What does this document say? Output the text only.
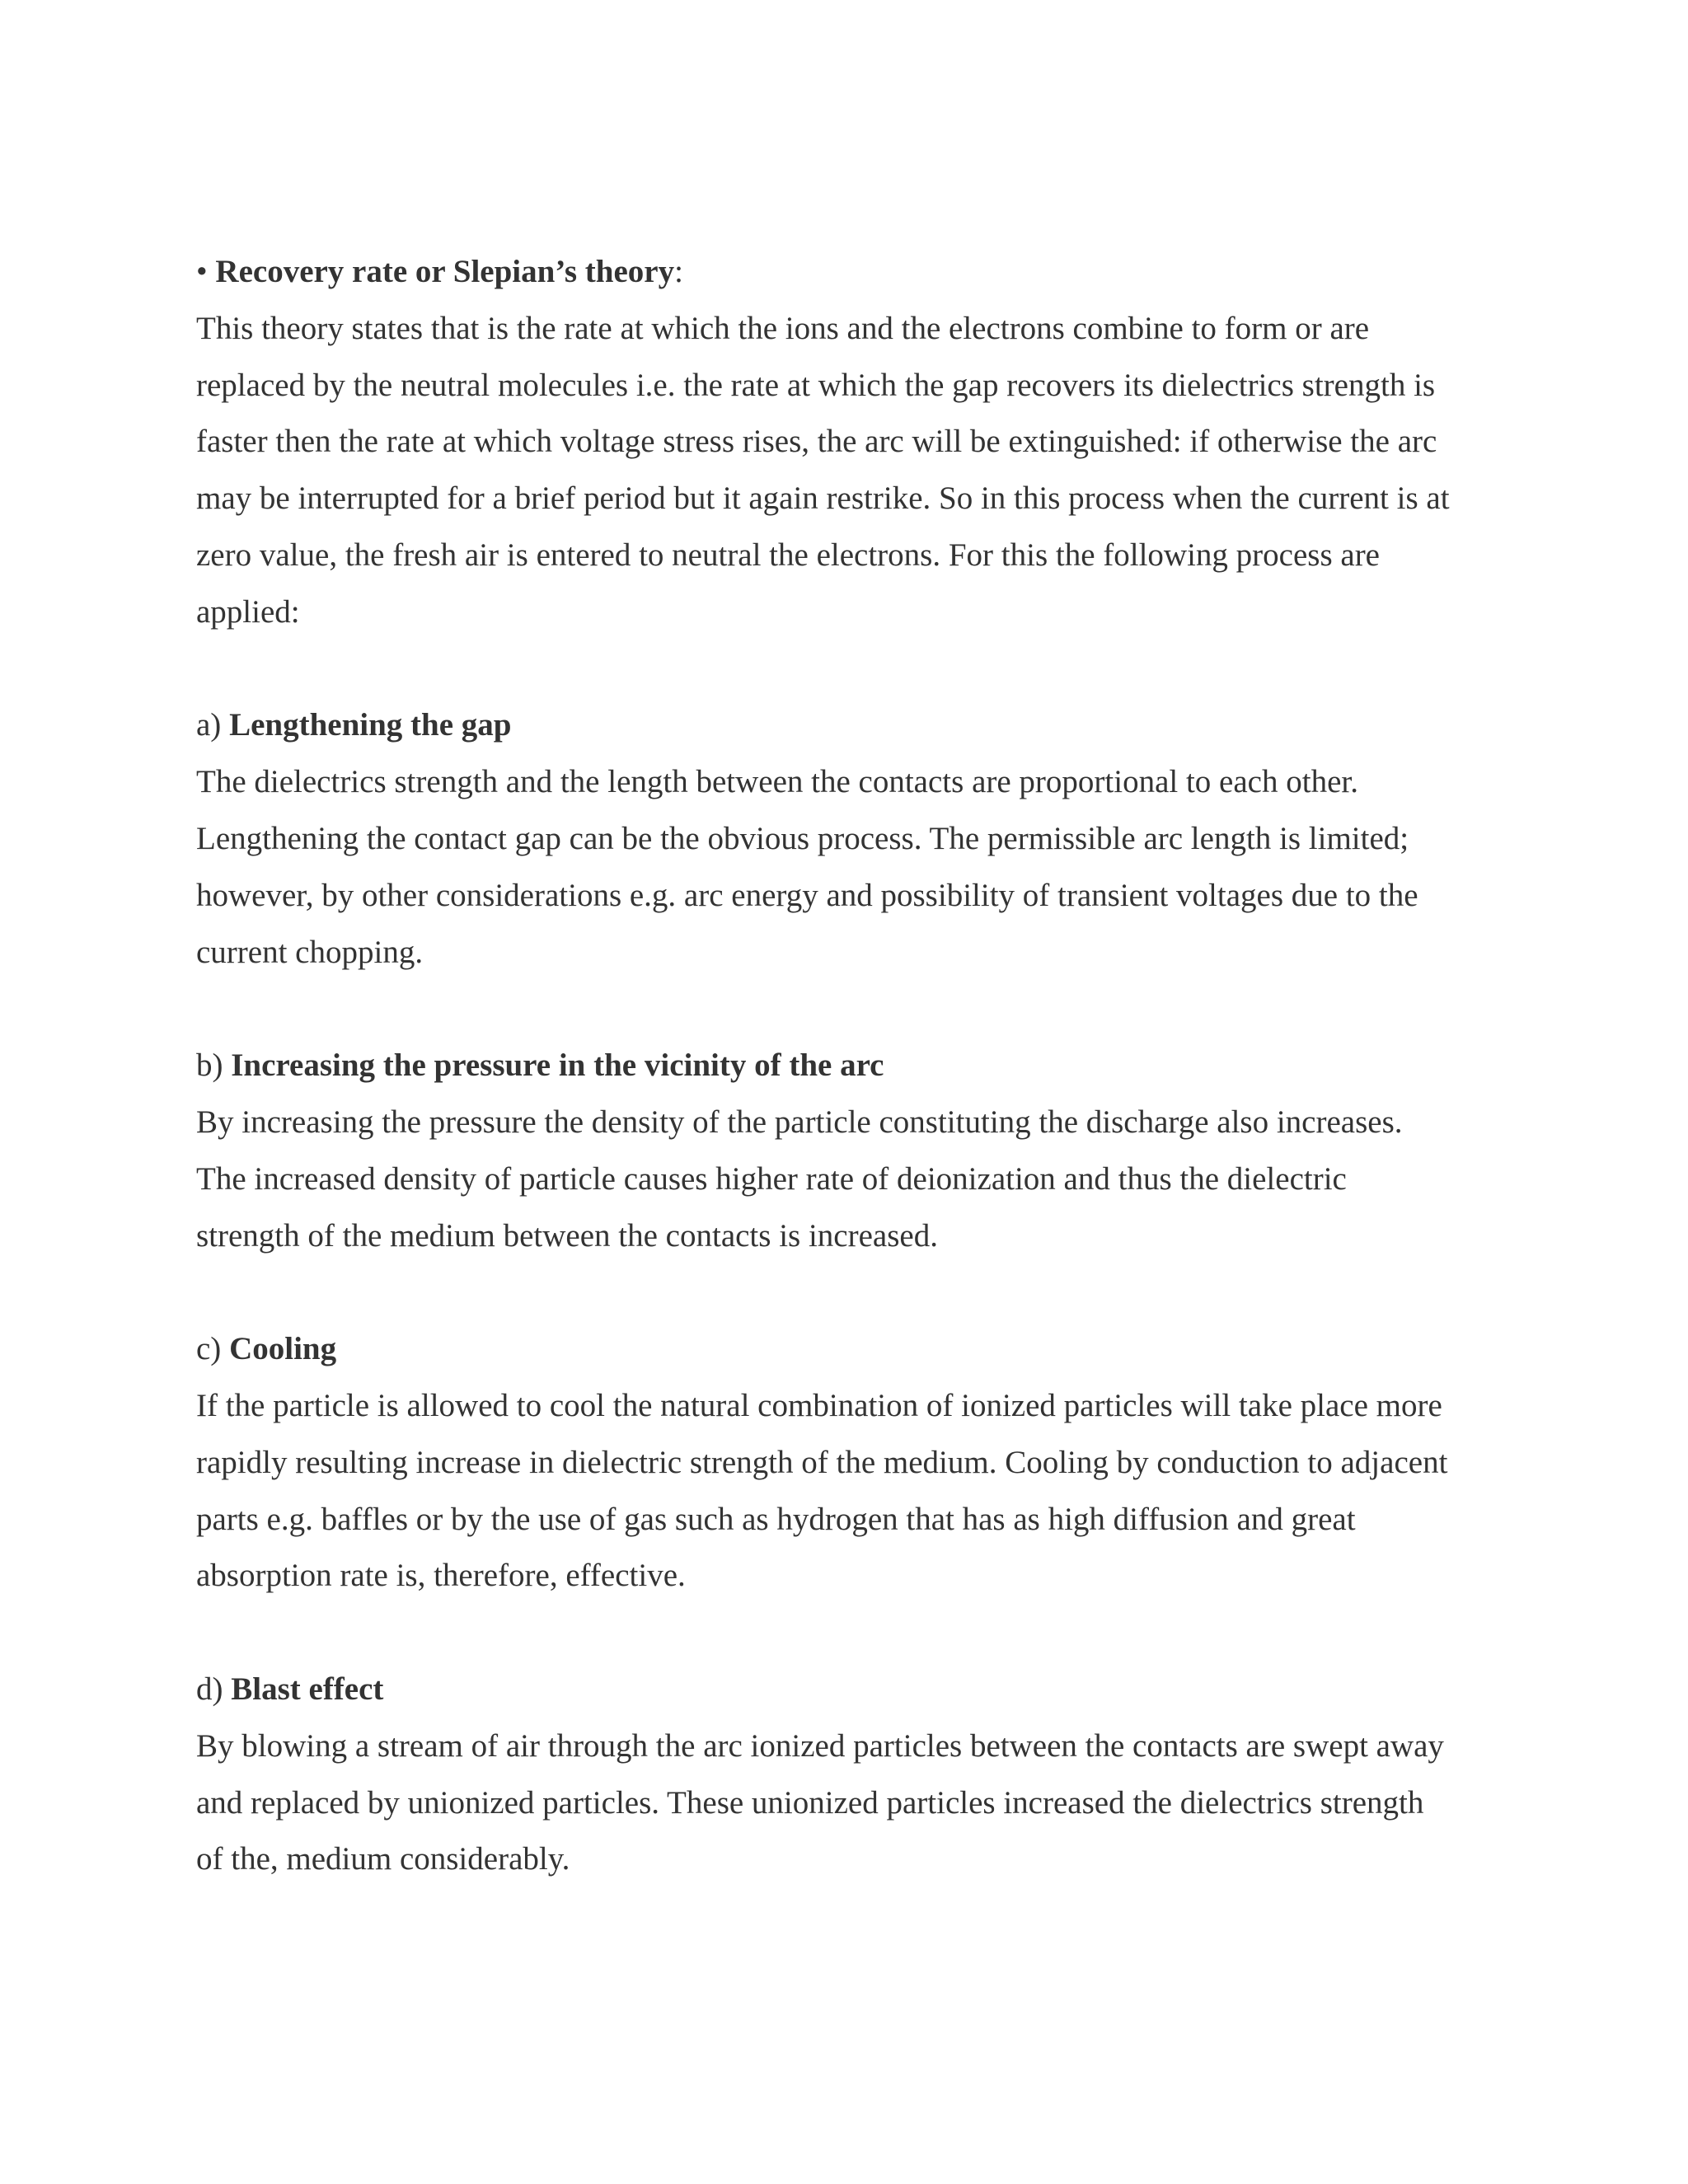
• Recovery rate or Slepian’s theory:
This theory states that is the rate at which the ions and the electrons combine to form or are
replaced by the neutral molecules i.e. the rate at which the gap recovers its dielectrics strength is
faster then the rate at which voltage stress rises, the arc will be extinguished: if otherwise the arc
may be interrupted for a brief period but it again restrike. So in this process when the current is at
zero value, the fresh air is entered to neutral the electrons. For this the following process are
applied:
a) Lengthening the gap
The dielectrics strength and the length between the contacts are proportional to each other.
Lengthening the contact gap can be the obvious process. The permissible arc length is limited;
however, by other considerations e.g. arc energy and possibility of transient voltages due to the
current chopping.
b) Increasing the pressure in the vicinity of the arc
By increasing the pressure the density of the particle constituting the discharge also increases.
The increased density of particle causes higher rate of deionization and thus the dielectric
strength of the medium between the contacts is increased.
c) Cooling
If the particle is allowed to cool the natural combination of ionized particles will take place more
rapidly resulting increase in dielectric strength of the medium. Cooling by conduction to adjacent
parts e.g. baffles or by the use of gas such as hydrogen that has as high diffusion and great
absorption rate is, therefore, effective.
d) Blast effect
By blowing a stream of air through the arc ionized particles between the contacts are swept away
and replaced by unionized particles. These unionized particles increased the dielectrics strength
of the, medium considerably.
